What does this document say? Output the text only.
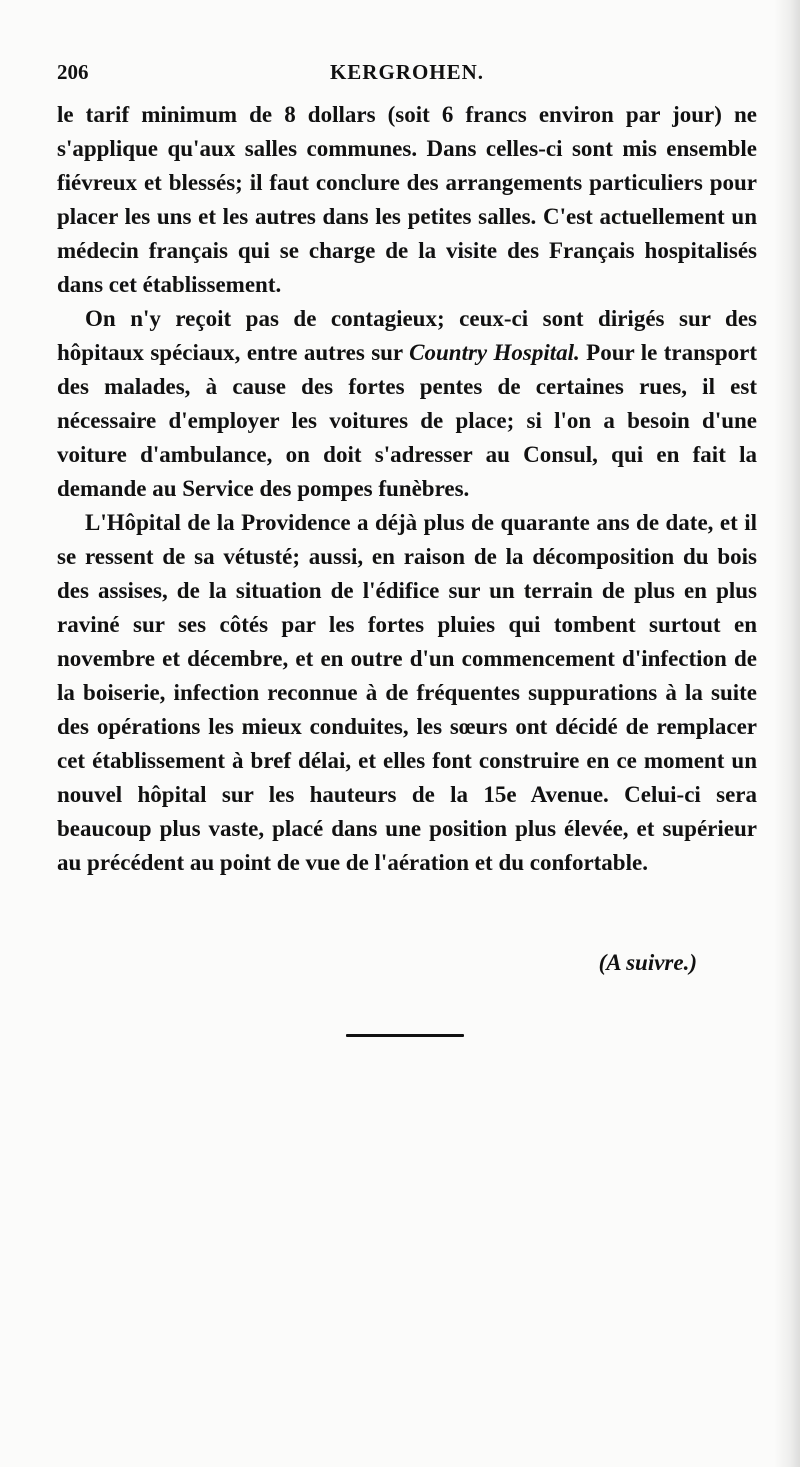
206	KERGROHEN.

le tarif minimum de 8 dollars (soit 6 francs environ par jour) ne s'applique qu'aux salles communes. Dans celles-ci sont mis ensemble fiévreux et blessés; il faut conclure des arrangements particuliers pour placer les uns et les autres dans les petites salles. C'est actuellement un médecin français qui se charge de la visite des Français hospitalisés dans cet établissement.

On n'y reçoit pas de contagieux; ceux-ci sont dirigés sur des hôpitaux spéciaux, entre autres sur Country Hospital. Pour le transport des malades, à cause des fortes pentes de certaines rues, il est nécessaire d'employer les voitures de place; si l'on a besoin d'une voiture d'ambulance, on doit s'adresser au Consul, qui en fait la demande au Service des pompes funèbres.

L'Hôpital de la Providence a déjà plus de quarante ans de date, et il se ressent de sa vétusté; aussi, en raison de la décomposition du bois des assises, de la situation de l'édifice sur un terrain de plus en plus raviné sur ses côtés par les fortes pluies qui tombent surtout en novembre et décembre, et en outre d'un commencement d'infection de la boiserie, infection reconnue à de fréquentes suppurations à la suite des opérations les mieux conduites, les sœurs ont décidé de remplacer cet établissement à bref délai, et elles font construire en ce moment un nouvel hôpital sur les hauteurs de la 15e Avenue. Celui-ci sera beaucoup plus vaste, placé dans une position plus élevée, et supérieur au précédent au point de vue de l'aération et du confortable.

(A suivre.)
